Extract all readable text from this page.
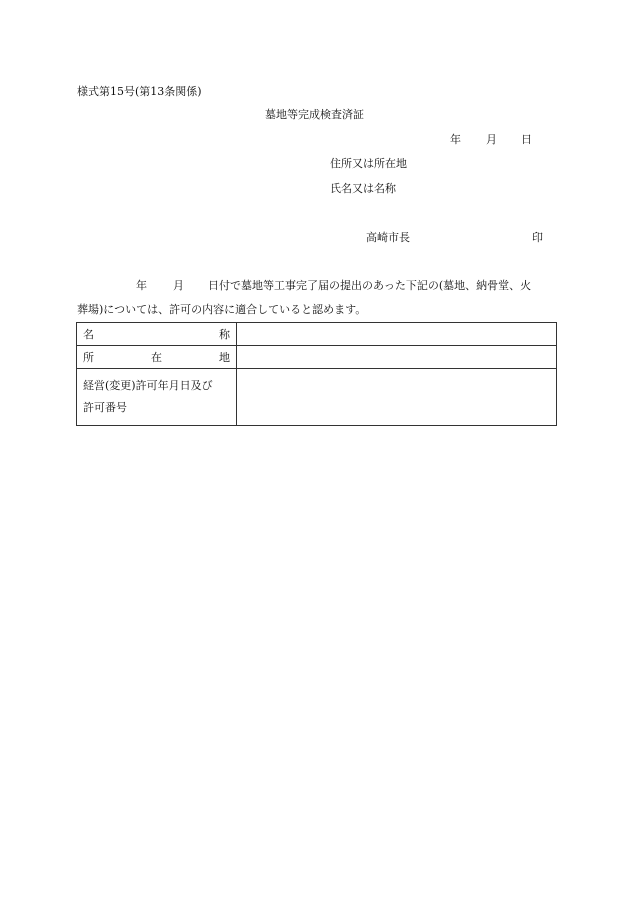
様式第15号(第13条関係)
墓地等完成検査済証
年 月 日
住所又は所在地
氏名又は名称
高崎市長	印
年 月 日付で墓地等工事完了届の提出のあった下記の(墓地、納骨堂、火
葬場)については、許可の内容に適合していると認めます。
名 称	

所 在 地	

経営(変更)許可年月日及び
許可番号	
